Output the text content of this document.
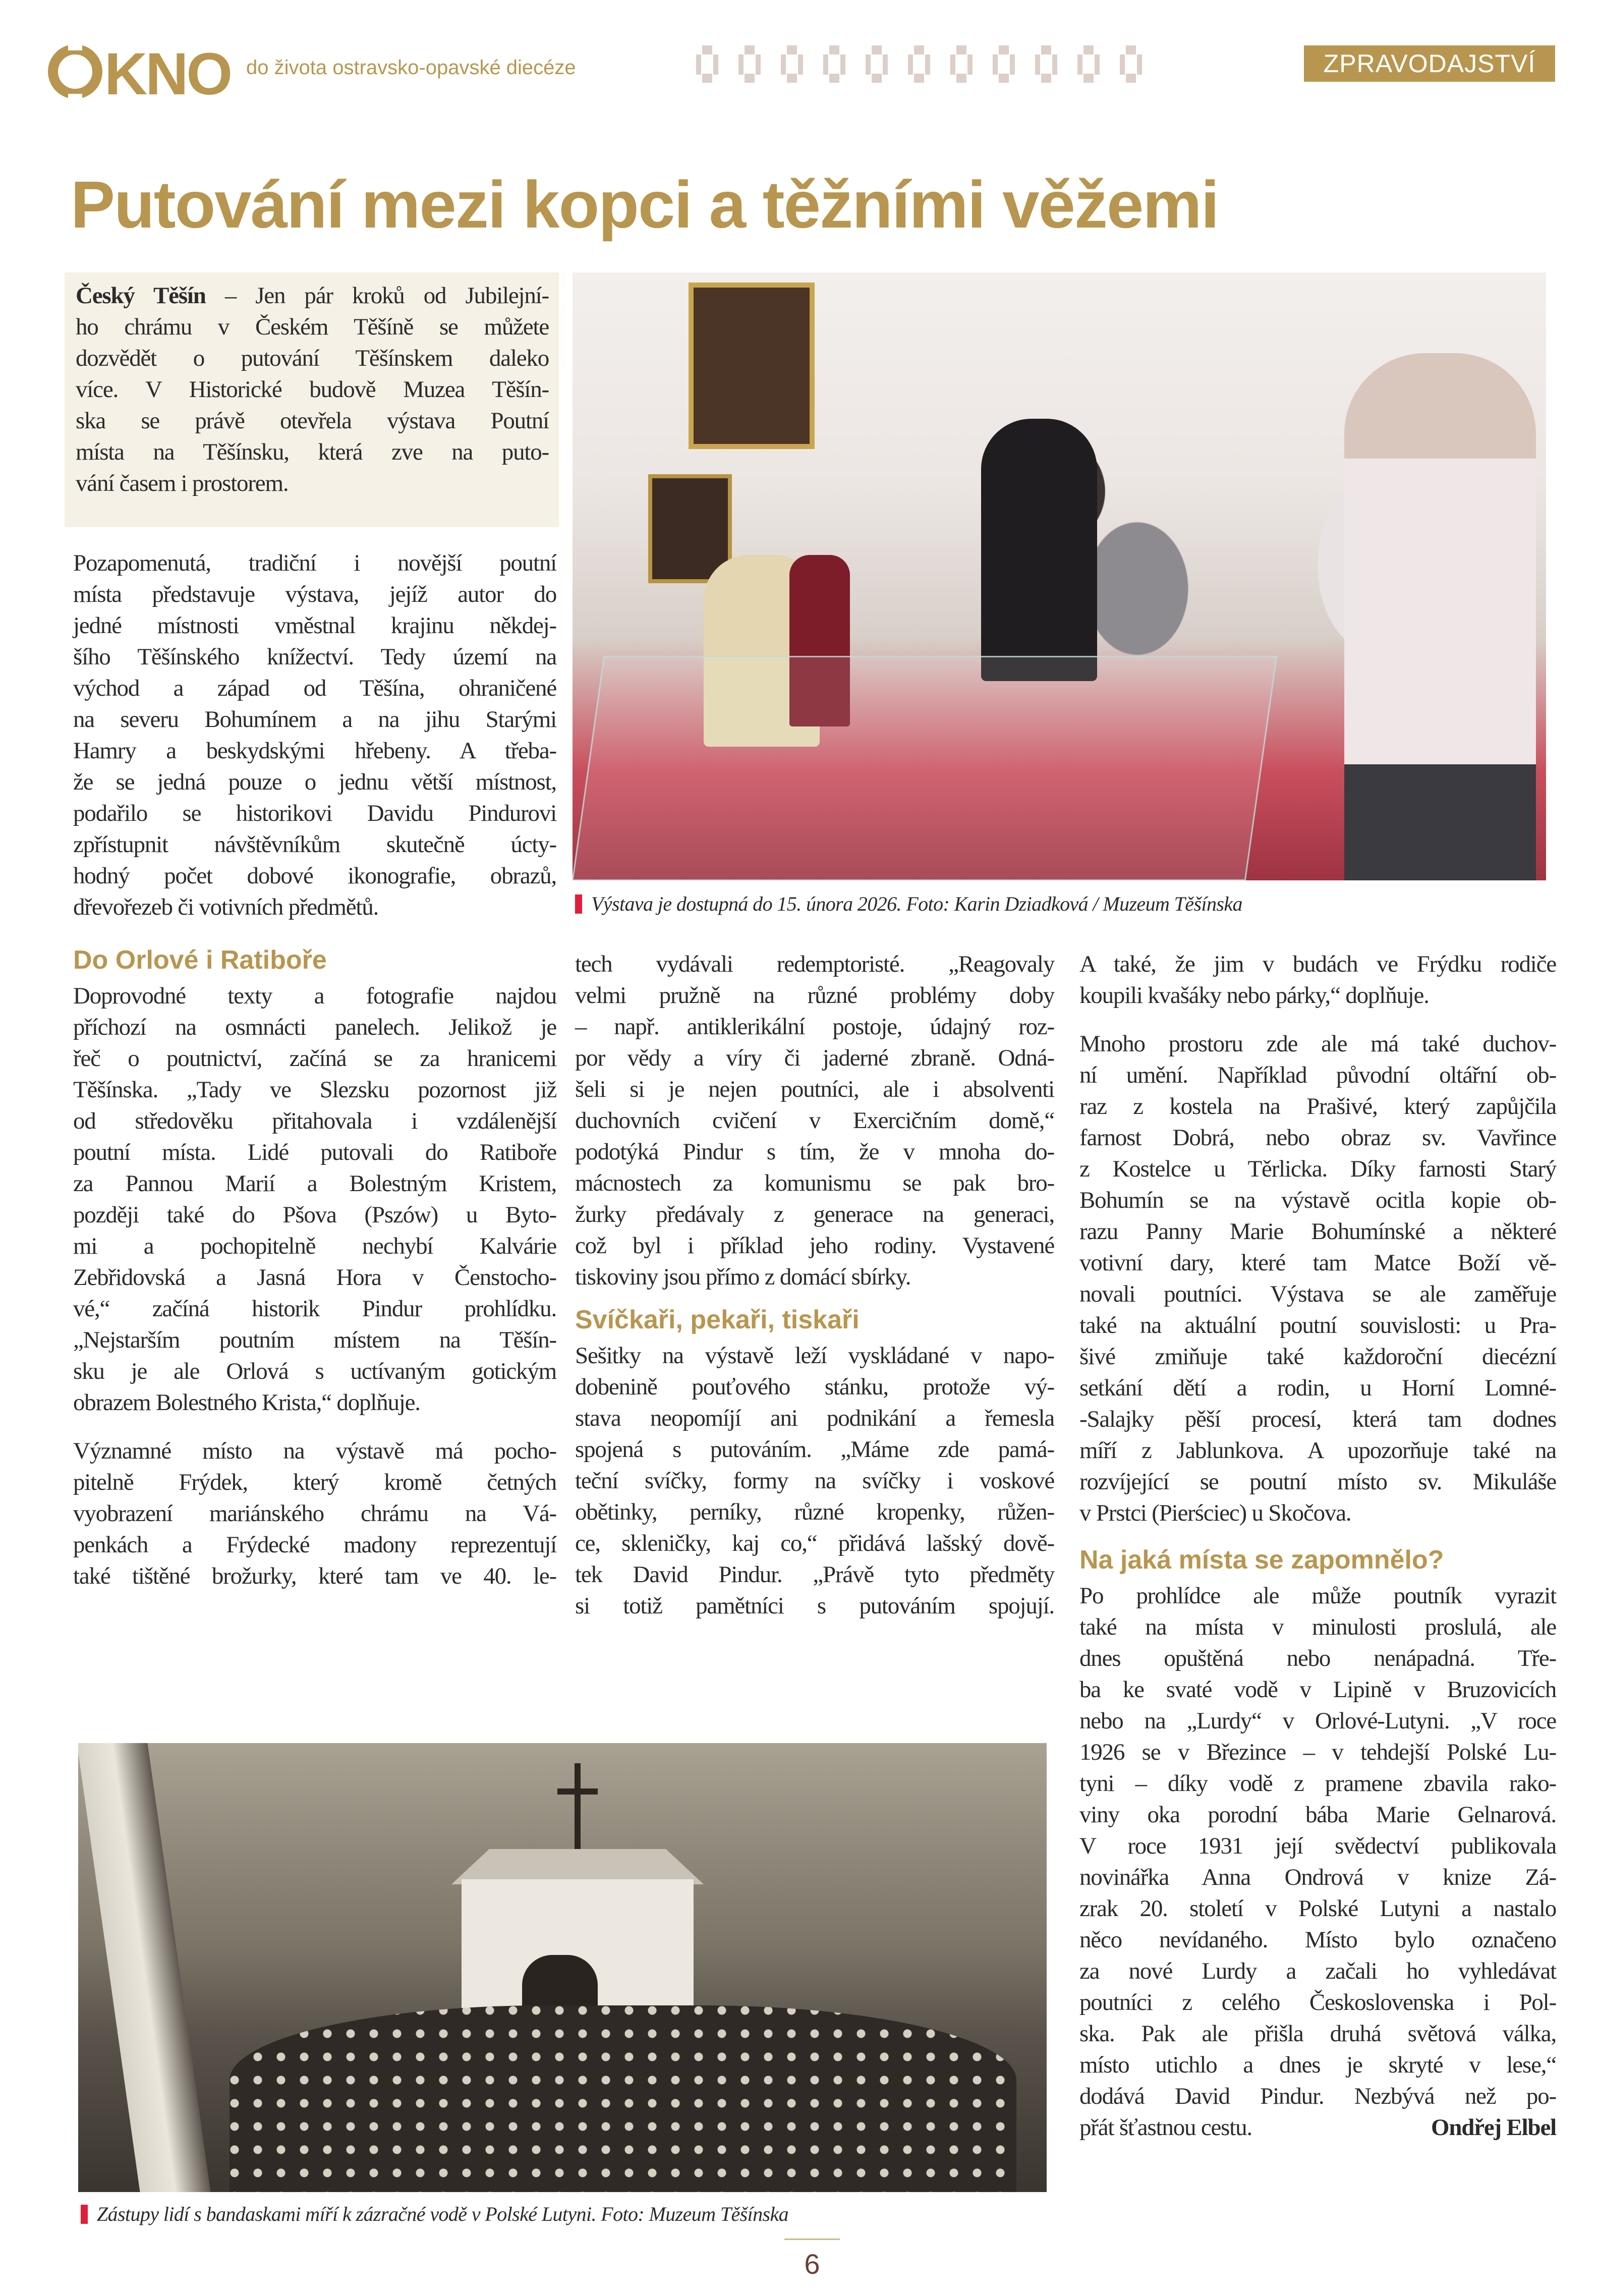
KNO do života ostravsko-opavské diecéze	ZPRAVODAJSTVÍ
Putování mezi kopci a těžními věžemi
Český Těšín – Jen pár kroků od Jubilejní-
ho chrámu v Českém Těšíně se můžete
dozvědět o putování Těšínskem daleko
více. V Historické budově Muzea Těšín-
ska se právě otevřela výstava Poutní
místa na Těšínsku, která zve na puto-
vání časem i prostorem.
Pozapomenutá, tradiční i novější poutní
místa představuje výstava, jejíž autor do
jedné místnosti vměstnal krajinu někdej-
šího Těšínského knížectví. Tedy území na
východ a západ od Těšína, ohraničené
na severu Bohumínem a na jihu Starými
Hamry a beskydskými hřebeny. A třeba-
že se jedná pouze o jednu větší místnost,
podařilo se historikovi Davidu Pindurovi
zpřístupnit návštěvníkům skutečně úcty-
hodný počet dobové ikonografie, obrazů,
dřevořezeb či votivních předmětů.
Do Orlové i Ratiboře
Doprovodné texty a fotografie najdou
příchozí na osmnácti panelech. Jelikož je
řeč o poutnictví, začíná se za hranicemi
Těšínska. „Tady ve Slezsku pozornost již
od středověku přitahovala i vzdálenější
poutní místa. Lidé putovali do Ratiboře
za Pannou Marií a Bolestným Kristem,
později také do Pšova (Pszów) u Byto-
mi a pochopitelně nechybí Kalvárie
Zebřidovská a Jasná Hora v Čenstocho-
vé,“ začíná historik Pindur prohlídku.
„Nejstarším poutním místem na Těšín-
sku je ale Orlová s uctívaným gotickým
obrazem Bolestného Krista,“ doplňuje.
Významné místo na výstavě má pocho-
pitelně Frýdek, který kromě četných
vyobrazení mariánského chrámu na Vá-
penkách a Frýdecké madony reprezentují
také tištěné brožurky, které tam ve 40. le-
Výstava je dostupná do 15. února 2026. Foto: Karin Dziadková / Muzeum Těšínska
tech vydávali redemptoristé. „Reagovaly
velmi pružně na různé problémy doby
– např. antiklerikální postoje, údajný roz-
por vědy a víry či jaderné zbraně. Odná-
šeli si je nejen poutníci, ale i absolventi
duchovních cvičení v Exercičním domě,“
podotýká Pindur s tím, že v mnoha do-
mácnostech za komunismu se pak bro-
žurky předávaly z generace na generaci,
což byl i příklad jeho rodiny. Vystavené
tiskoviny jsou přímo z domácí sbírky.
Svíčkaři, pekaři, tiskaři
Sešitky na výstavě leží vyskládané v napo-
dobenině pouťového stánku, protože vý-
stava neopomíjí ani podnikání a řemesla
spojená s putováním. „Máme zde pamá-
teční svíčky, formy na svíčky i voskové
obětinky, perníky, různé kropenky, růžen-
ce, skleničky, kaj co,“ přidává lašský dově-
tek David Pindur. „Právě tyto předměty
si totiž pamětníci s putováním spojují.
A také, že jim v budách ve Frýdku rodiče
koupili kvašáky nebo párky,“ doplňuje.
Mnoho prostoru zde ale má také duchov-
ní umění. Například původní oltářní ob-
raz z kostela na Prašivé, který zapůjčila
farnost Dobrá, nebo obraz sv. Vavřince
z Kostelce u Těrlicka. Díky farnosti Starý
Bohumín se na výstavě ocitla kopie ob-
razu Panny Marie Bohumínské a některé
votivní dary, které tam Matce Boží vě-
novali poutníci. Výstava se ale zaměřuje
také na aktuální poutní souvislosti: u Pra-
šivé zmiňuje také každoroční diecézní
setkání dětí a rodin, u Horní Lomné-
-Salajky pěší procesí, která tam dodnes
míří z Jablunkova. A upozorňuje také na
rozvíjející se poutní místo sv. Mikuláše
v Prstci (Pierściec) u Skočova.
Na jaká místa se zapomnělo?
Po prohlídce ale může poutník vyrazit
také na místa v minulosti proslulá, ale
dnes opuštěná nebo nenápadná. Tře-
ba ke svaté vodě v Lipině v Bruzovicích
nebo na „Lurdy“ v Orlové-Lutyni. „V roce
1926 se v Březince – v tehdejší Polské Lu-
tyni – díky vodě z pramene zbavila rako-
viny oka porodní bába Marie Gelnarová.
V roce 1931 její svědectví publikovala
novinářka Anna Ondrová v knize Zá-
zrak 20. století v Polské Lutyni a nastalo
něco nevídaného. Místo bylo označeno
za nové Lurdy a začali ho vyhledávat
poutníci z celého Československa i Pol-
ska. Pak ale přišla druhá světová válka,
místo utichlo a dnes je skryté v lese,“
dodává David Pindur. Nezbývá než po-
přát šťastnou cestu.	Ondřej Elbel
Zástupy lidí s bandaskami míří k zázračné vodě v Polské Lutyni. Foto: Muzeum Těšínska
6
